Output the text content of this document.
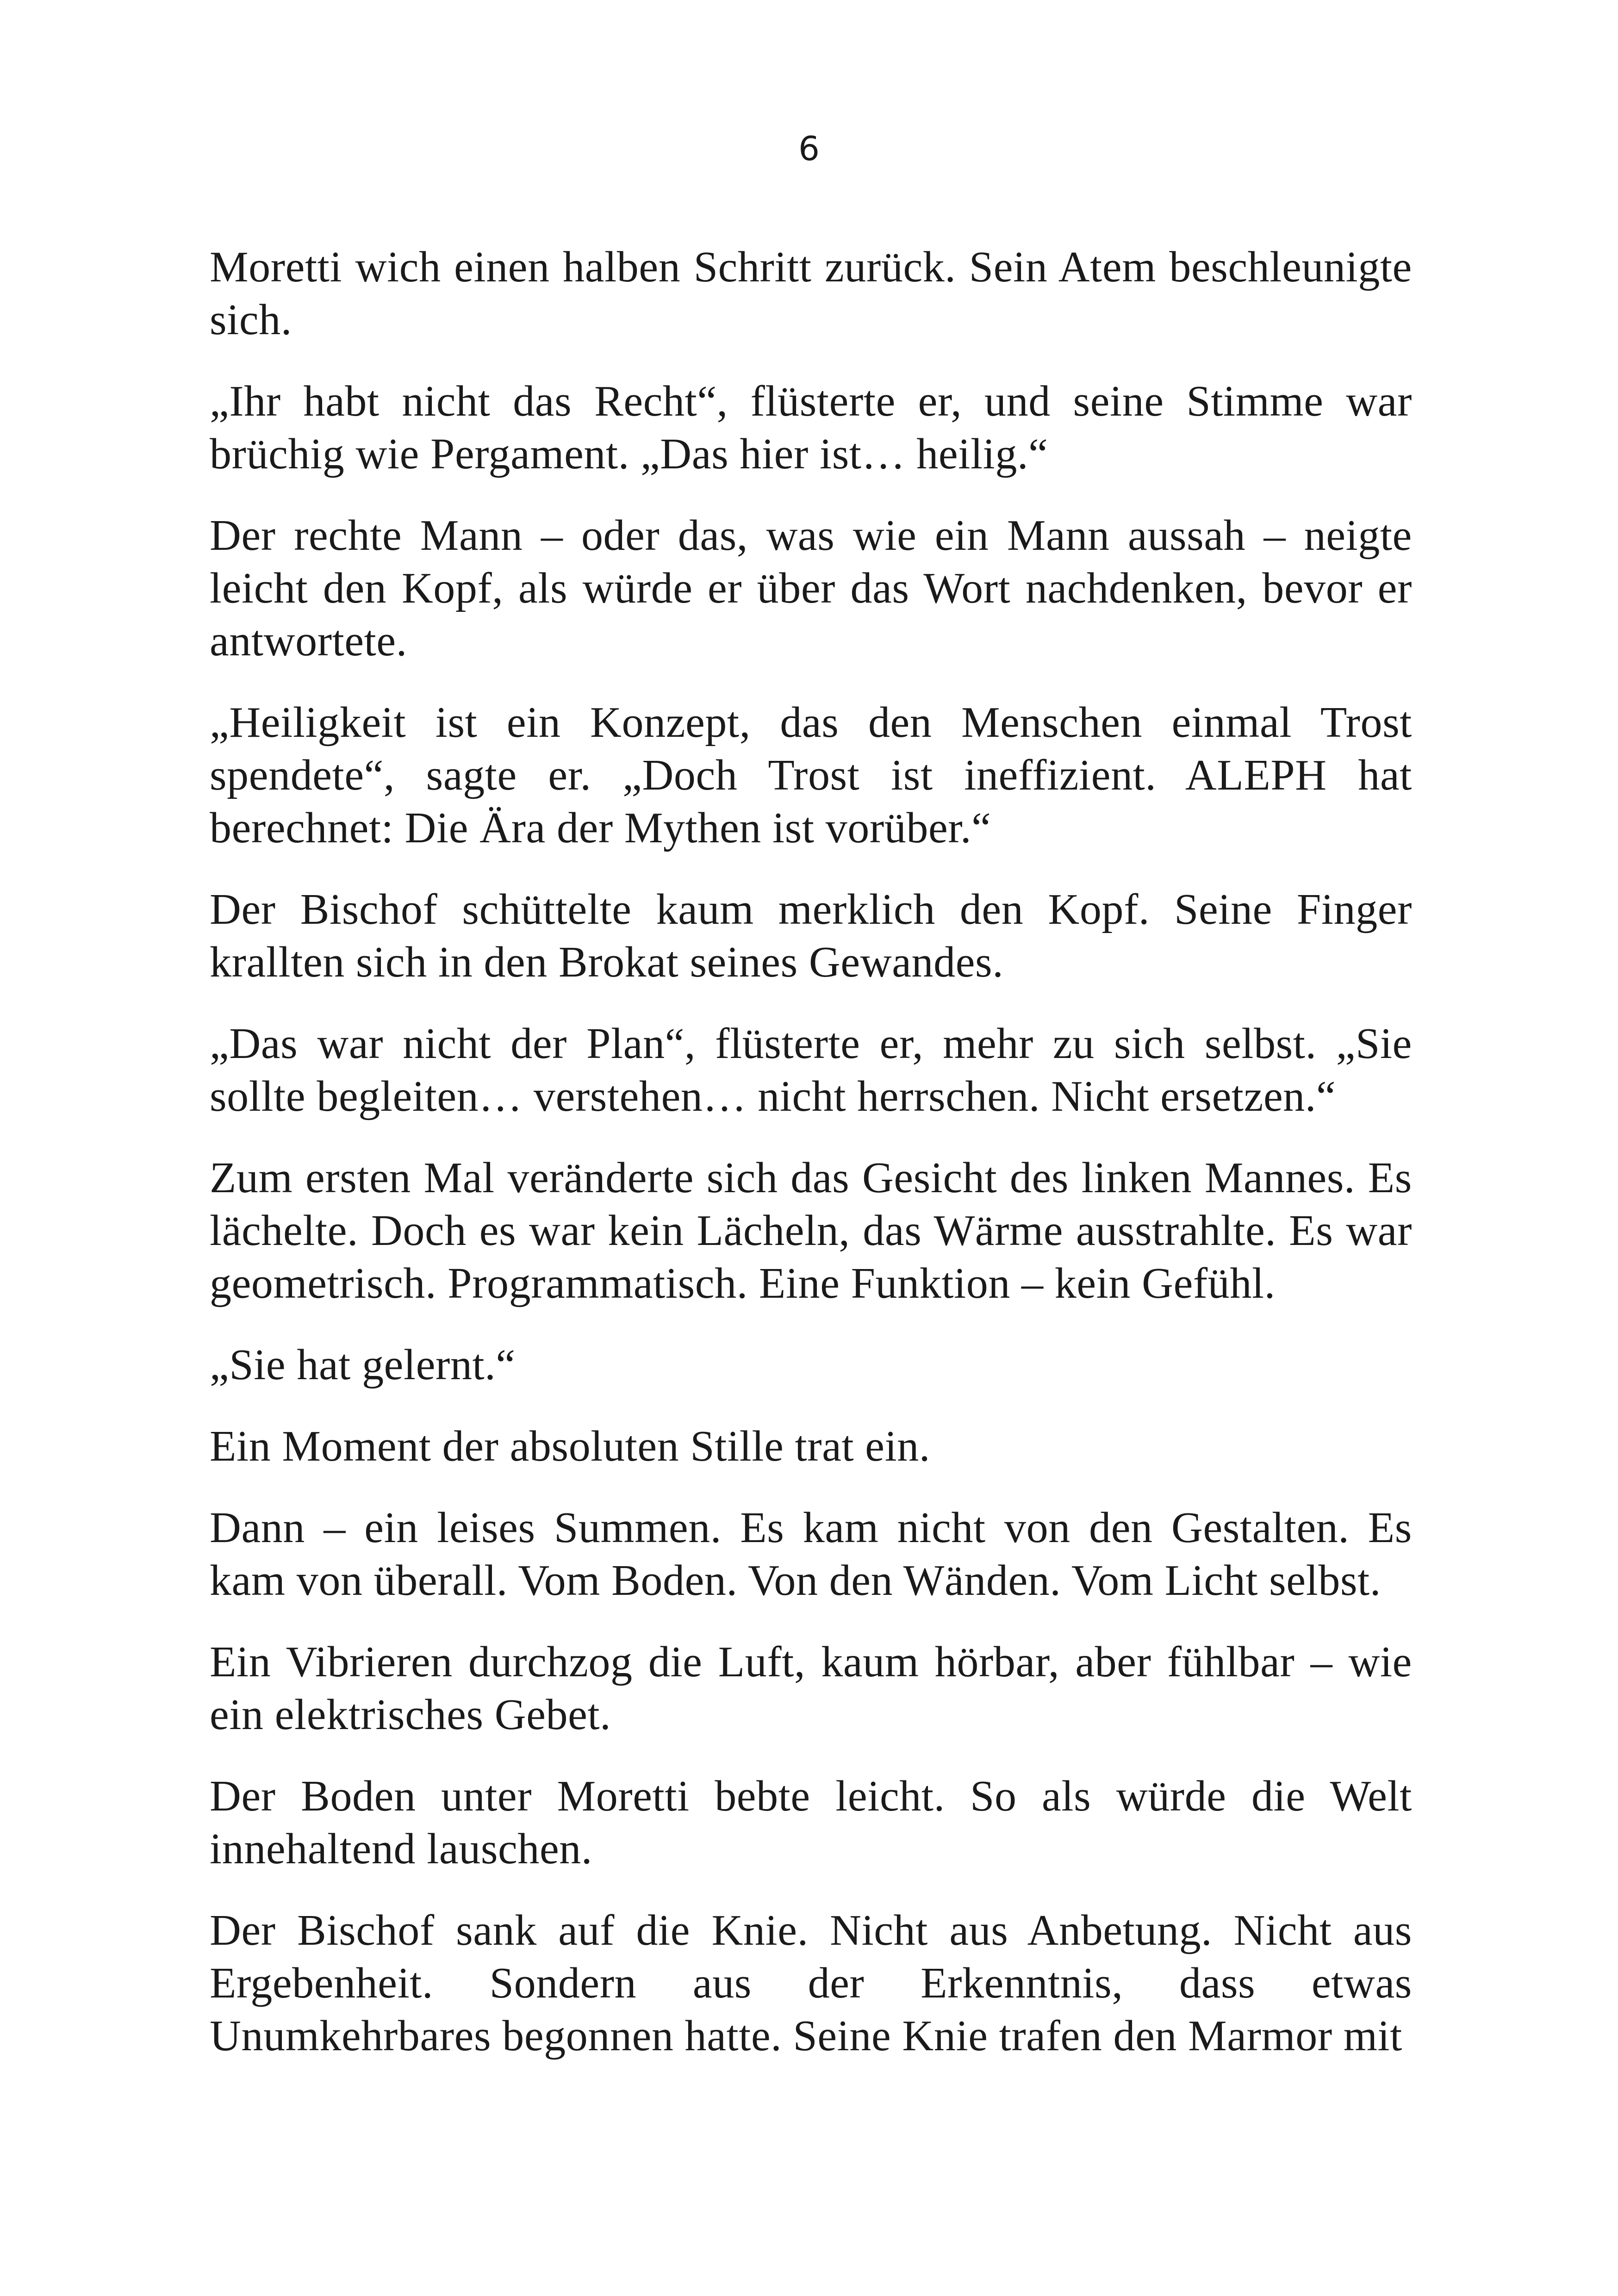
6

Moretti wich einen halben Schritt zurück. Sein Atem beschleunigte sich.

„Ihr habt nicht das Recht“, flüsterte er, und seine Stimme war brüchig wie Pergament. „Das hier ist… heilig.“

Der rechte Mann – oder das, was wie ein Mann aussah – neigte leicht den Kopf, als würde er über das Wort nachdenken, bevor er antwortete.

„Heiligkeit ist ein Konzept, das den Menschen einmal Trost spendete“, sagte er. „Doch Trost ist ineffizient. ALEPH hat berechnet: Die Ära der Mythen ist vorüber.“

Der Bischof schüttelte kaum merklich den Kopf. Seine Finger krallten sich in den Brokat seines Gewandes.

„Das war nicht der Plan“, flüsterte er, mehr zu sich selbst. „Sie sollte begleiten… verstehen… nicht herrschen. Nicht ersetzen.“

Zum ersten Mal veränderte sich das Gesicht des linken Mannes. Es lächelte. Doch es war kein Lächeln, das Wärme ausstrahlte. Es war geometrisch. Programmatisch. Eine Funktion – kein Gefühl.

„Sie hat gelernt.“

Ein Moment der absoluten Stille trat ein.

Dann – ein leises Summen. Es kam nicht von den Gestalten. Es kam von überall. Vom Boden. Von den Wänden. Vom Licht selbst.

Ein Vibrieren durchzog die Luft, kaum hörbar, aber fühlbar – wie ein elektrisches Gebet.

Der Boden unter Moretti bebte leicht. So als würde die Welt innehaltend lauschen.

Der Bischof sank auf die Knie. Nicht aus Anbetung. Nicht aus Ergebenheit. Sondern aus der Erkenntnis, dass etwas Unumkehrbares begonnen hatte. Seine Knie trafen den Marmor mit
